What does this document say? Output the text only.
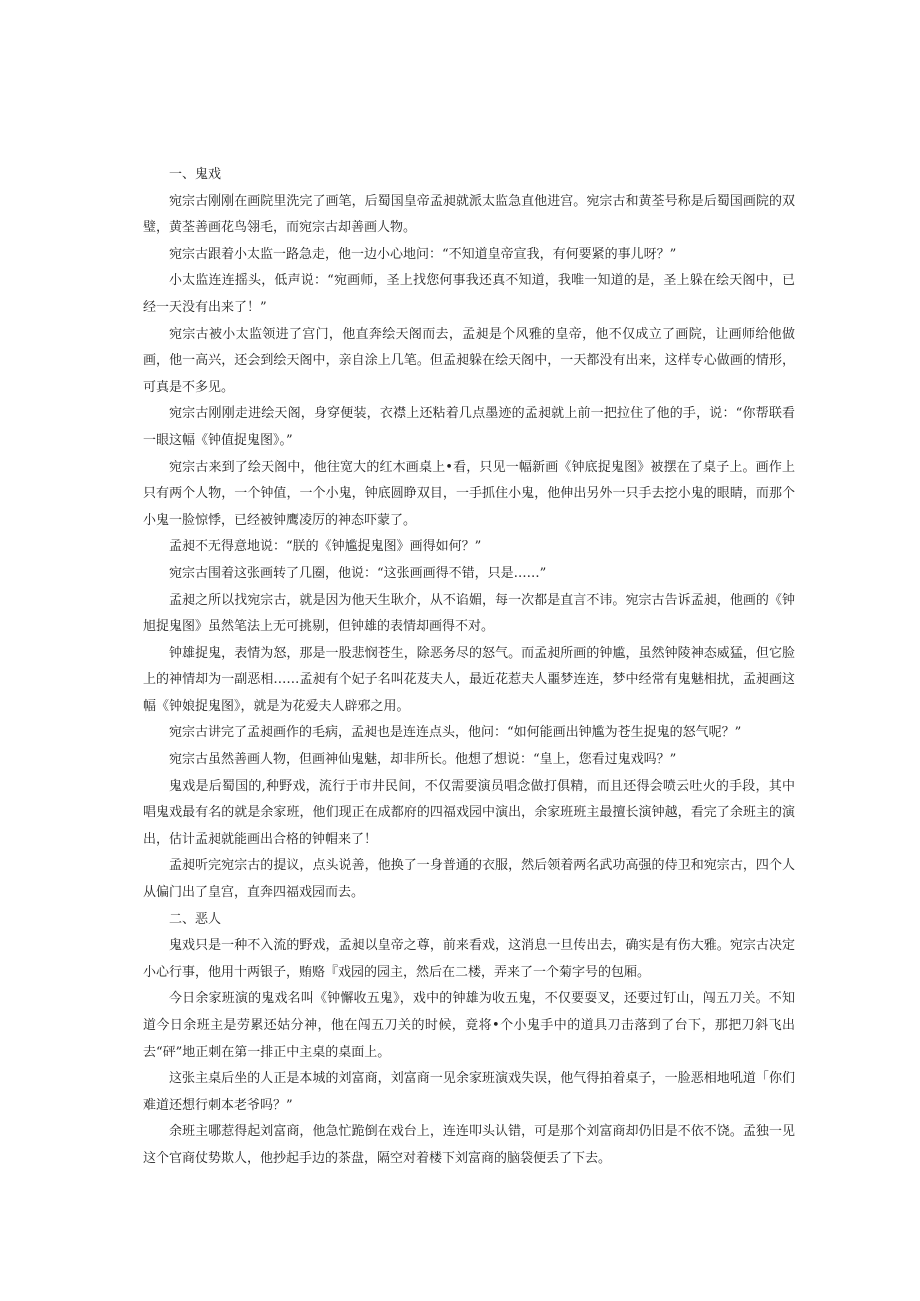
一、鬼戏

宛宗古刚刚在画院里洗完了画笔，后蜀国皇帝孟昶就派太监急直他进宫。宛宗古和黄荃号称是后蜀国画院的双璧，黄荃善画花鸟翎毛，而宛宗古却善画人物。

宛宗古跟着小太监一路急走，他一边小心地问：“不知道皇帝宣我，有何要紧的事儿呀？”

小太监连连摇头，低声说：“宛画师，圣上找您何事我还真不知道，我唯一知道的是，圣上躲在绘天阁中，已经一天没有出来了！”

宛宗古被小太监领进了宫门，他直奔绘天阁而去，孟昶是个风雅的皇帝，他不仅成立了画院，让画师给他做画，他一高兴，还会到绘天阁中，亲自涂上几笔。但孟昶躲在绘天阁中，一天都没有出来，这样专心做画的情形，可真是不多见。

宛宗古刚刚走进绘天阁，身穿便装，衣襟上还粘着几点墨迹的孟昶就上前一把拉住了他的手，说：“你帮联看一眼这幅《钟值捉鬼图》。”

宛宗古来到了绘天阁中，他往宽大的红木画桌上•看，只见一幅新画《钟底捉鬼图》被摆在了桌子上。画作上只有两个人物，一个钟值，一个小鬼，钟底圆睁双目，一手抓住小鬼，他伸出另外一只手去挖小鬼的眼睛，而那个小鬼一脸惊悸，已经被钟鹰凌厉的神态吓蒙了。

孟昶不无得意地说：“朕的《钟尴捉鬼图》画得如何？”

宛宗古围着这张画转了几圈，他说：“这张画画得不错，只是……”

孟昶之所以找宛宗古，就是因为他天生耿介，从不谄媚，每一次都是直言不讳。宛宗古告诉孟昶，他画的《钟旭捉鬼图》虽然笔法上无可挑剔，但钟雄的表情却画得不对。

钟雄捉鬼，表情为怒，那是一股悲悯苍生，除恶务尽的怒气。而孟昶所画的钟尴，虽然钟陵神态威猛，但它脸上的神情却为一副恶相……孟昶有个妃子名叫花芨夫人，最近花惹夫人噩梦连连，梦中经常有鬼魅相扰，孟昶画这幅《钟娘捉鬼图》，就是为花爱夫人辟邪之用。

宛宗古讲完了孟昶画作的毛病，孟昶也是连连点头，他问：“如何能画出钟尴为苍生捉鬼的怒气呢？”

宛宗古虽然善画人物，但画神仙鬼魅，却非所长。他想了想说：“皇上，您看过鬼戏吗？”

鬼戏是后蜀国的,种野戏，流行于市井民间，不仅需要演员唱念做打俱精，而且还得会喷云吐火的手段，其中唱鬼戏最有名的就是余家班，他们现正在成都府的四福戏园中演出，余家班班主最擅长演钟越，看完了余班主的演出，估计孟昶就能画出合格的钟帽来了！

孟昶听完宛宗古的提议，点头说善，他换了一身普通的衣服，然后领着两名武功高强的侍卫和宛宗古，四个人从偏门出了皇宫，直奔四福戏园而去。

二、恶人

鬼戏只是一种不入流的野戏，孟昶以皇帝之尊，前来看戏，这消息一旦传出去，确实是有伤大雅。宛宗古决定小心行事，他用十两银子，贿赂『戏园的园主，然后在二楼，弄来了一个菊字号的包厢。

今日余家班演的鬼戏名叫《钟懈收五鬼》，戏中的钟雄为收五鬼，不仅要耍叉，还要过钉山，闯五刀关。不知道今日余班主是劳累还姑分神，他在闯五刀关的时候，竟将•个小鬼手中的道具刀击落到了台下，那把刀斜飞出去“砰”地正刺在第一排正中主桌的桌面上。

这张主桌后坐的人正是本城的刘富商，刘富商一见余家班演戏失误，他气得拍着桌子，一脸恶相地吼道「你们难道还想行刺本老爷吗？”

余班主哪惹得起刘富商，他急忙跪倒在戏台上，连连叩头认错，可是那个刘富商却仍旧是不依不饶。孟独一见这个官商仗势欺人，他抄起手边的茶盘，隔空对着楼下刘富商的脑袋便丢了下去。
